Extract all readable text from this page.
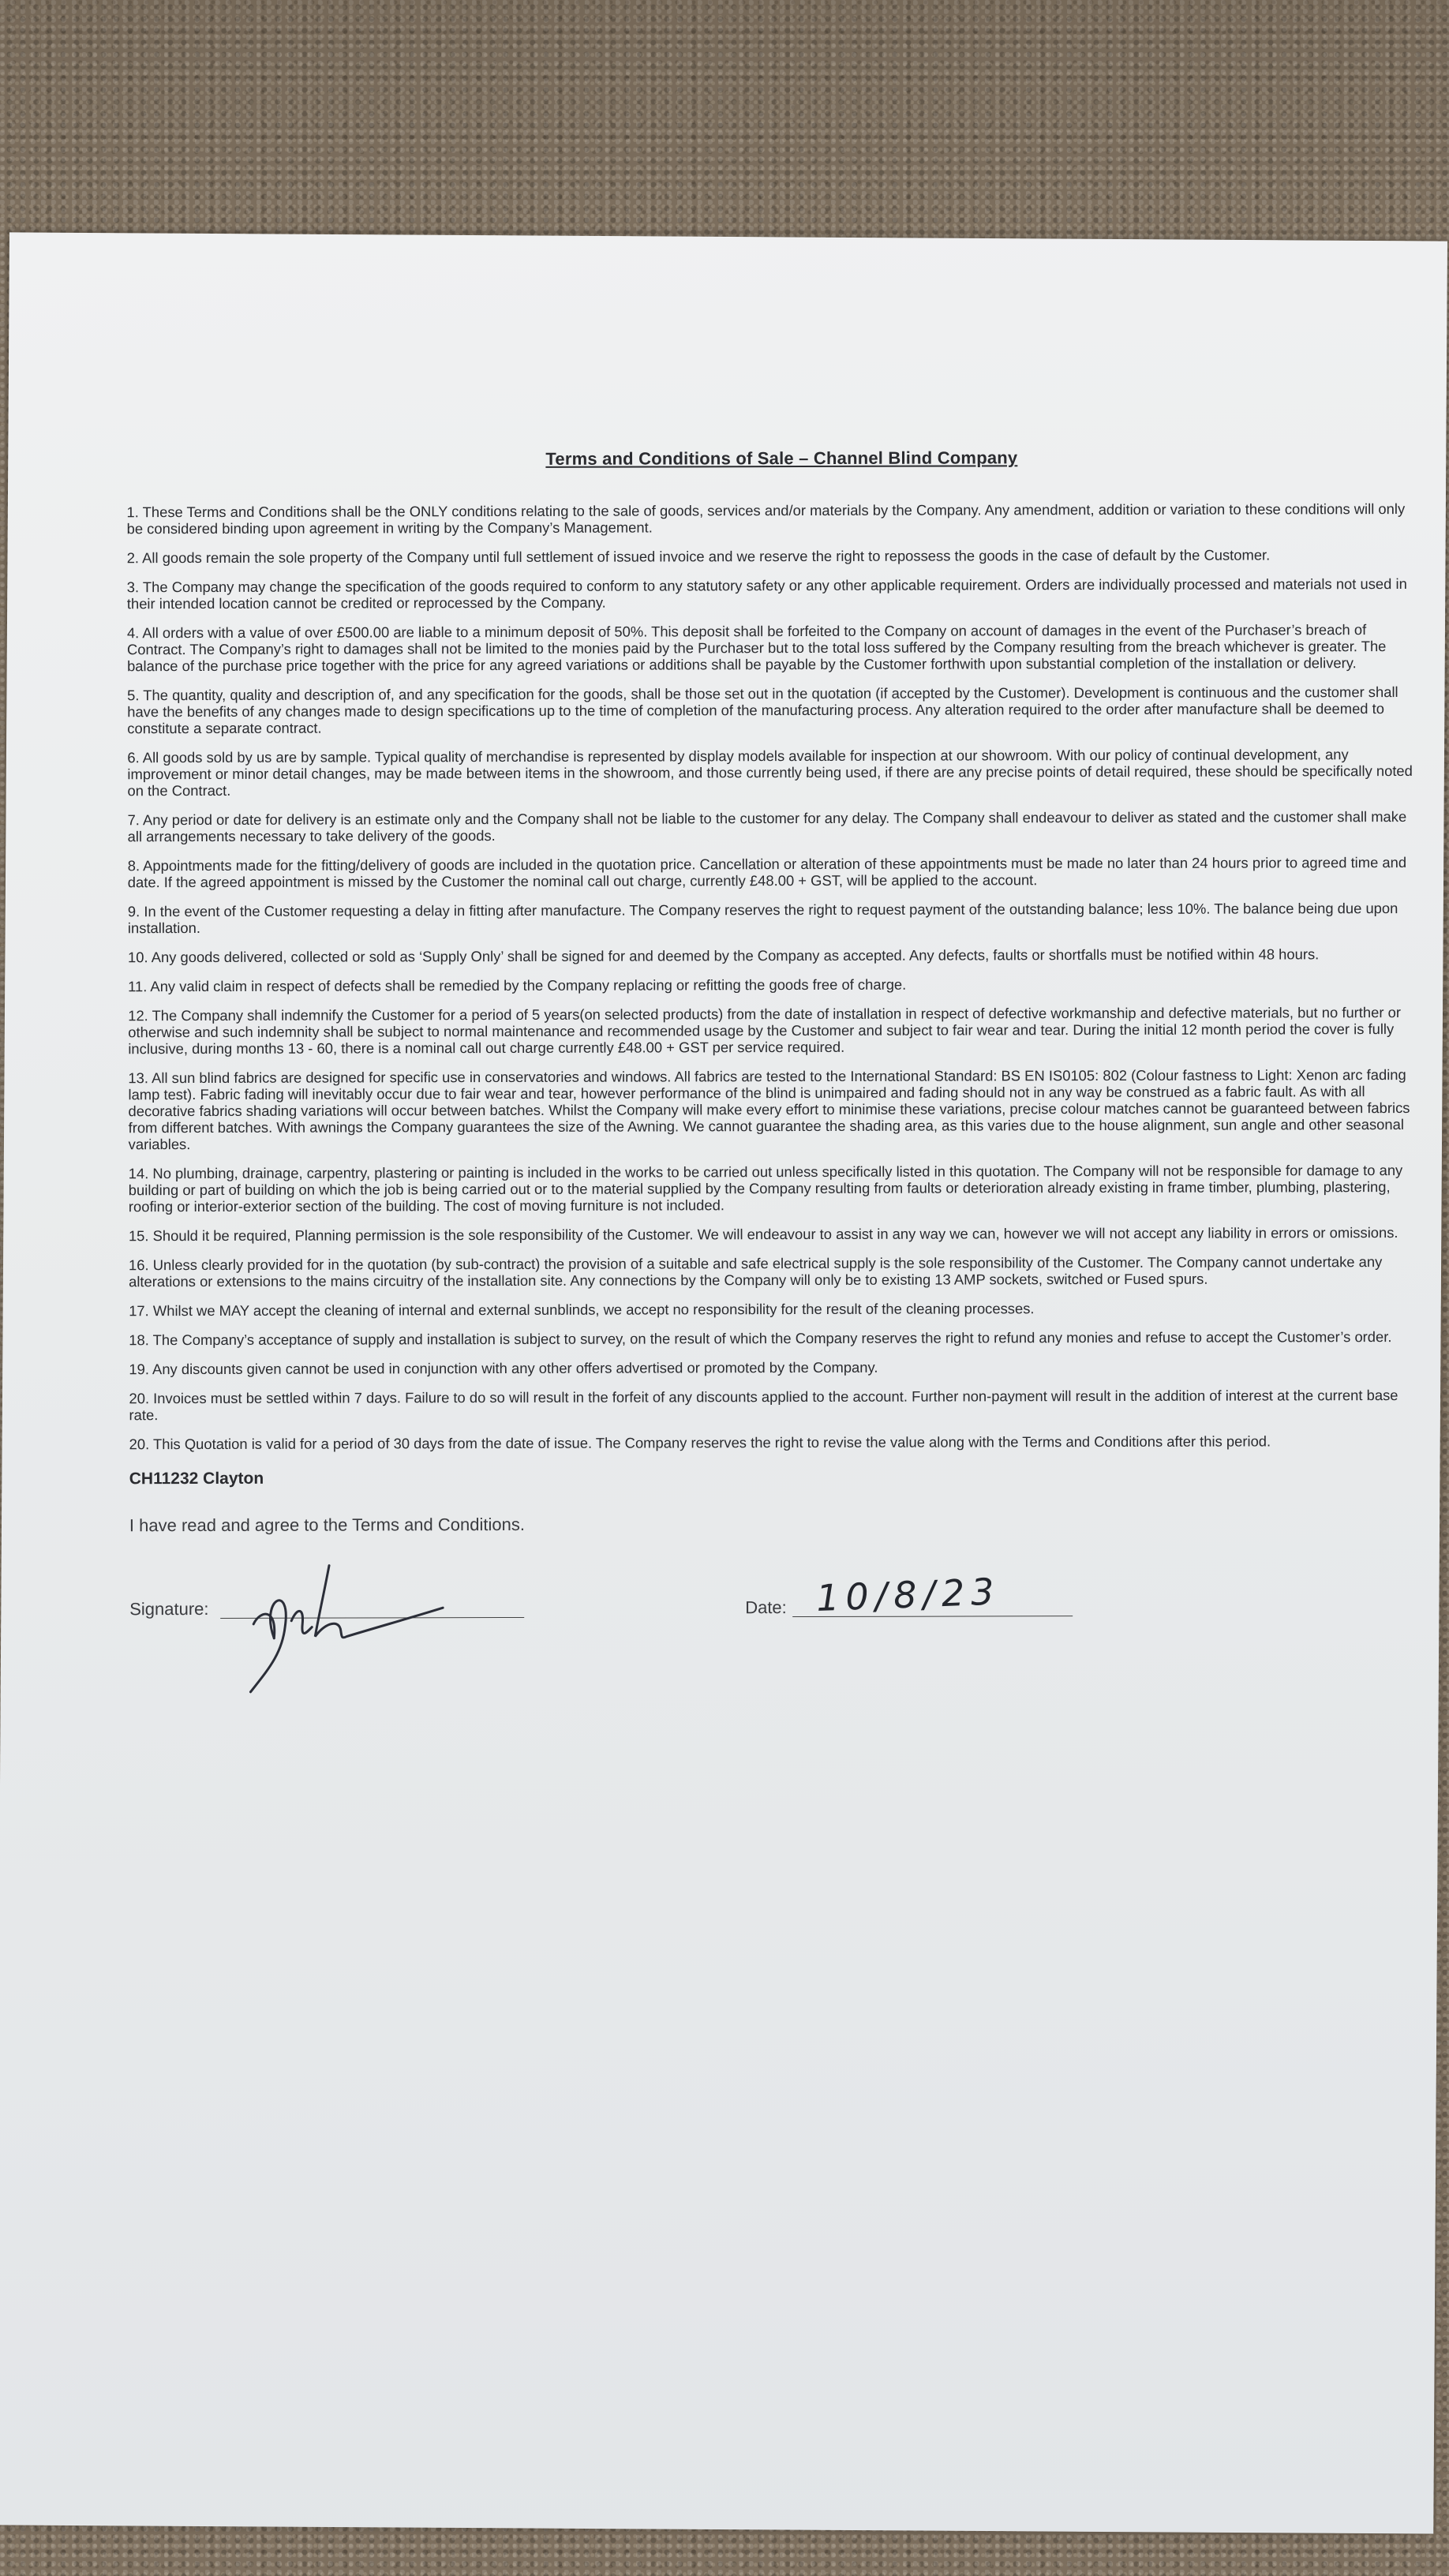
Terms and Conditions of Sale – Channel Blind Company

1. These Terms and Conditions shall be the ONLY conditions relating to the sale of goods, services and/or materials by the Company. Any amendment, addition or variation to these conditions will only be considered binding upon agreement in writing by the Company’s Management.

2. All goods remain the sole property of the Company until full settlement of issued invoice and we reserve the right to repossess the goods in the case of default by the Customer.

3. The Company may change the specification of the goods required to conform to any statutory safety or any other applicable requirement. Orders are individually processed and materials not used in their intended location cannot be credited or reprocessed by the Company.

4. All orders with a value of over £500.00 are liable to a minimum deposit of 50%. This deposit shall be forfeited to the Company on account of damages in the event of the Purchaser’s breach of Contract. The Company’s right to damages shall not be limited to the monies paid by the Purchaser but to the total loss suffered by the Company resulting from the breach whichever is greater. The balance of the purchase price together with the price for any agreed variations or additions shall be payable by the Customer forthwith upon substantial completion of the installation or delivery.

5. The quantity, quality and description of, and any specification for the goods, shall be those set out in the quotation (if accepted by the Customer). Development is continuous and the customer shall have the benefits of any changes made to design specifications up to the time of completion of the manufacturing process. Any alteration required to the order after manufacture shall be deemed to constitute a separate contract.

6. All goods sold by us are by sample. Typical quality of merchandise is represented by display models available for inspection at our showroom. With our policy of continual development, any improvement or minor detail changes, may be made between items in the showroom, and those currently being used, if there are any precise points of detail required, these should be specifically noted on the Contract.

7. Any period or date for delivery is an estimate only and the Company shall not be liable to the customer for any delay. The Company shall endeavour to deliver as stated and the customer shall make all arrangements necessary to take delivery of the goods.

8. Appointments made for the fitting/delivery of goods are included in the quotation price. Cancellation or alteration of these appointments must be made no later than 24 hours prior to agreed time and date. If the agreed appointment is missed by the Customer the nominal call out charge, currently £48.00 + GST, will be applied to the account.

9. In the event of the Customer requesting a delay in fitting after manufacture. The Company reserves the right to request payment of the outstanding balance; less 10%. The balance being due upon installation.

10. Any goods delivered, collected or sold as ‘Supply Only’ shall be signed for and deemed by the Company as accepted. Any defects, faults or shortfalls must be notified within 48 hours.

11. Any valid claim in respect of defects shall be remedied by the Company replacing or refitting the goods free of charge.

12. The Company shall indemnify the Customer for a period of 5 years(on selected products) from the date of installation in respect of defective workmanship and defective materials, but no further or otherwise and such indemnity shall be subject to normal maintenance and recommended usage by the Customer and subject to fair wear and tear. During the initial 12 month period the cover is fully inclusive, during months 13 - 60, there is a nominal call out charge currently £48.00 + GST per service required.

13. All sun blind fabrics are designed for specific use in conservatories and windows. All fabrics are tested to the International Standard: BS EN IS0105: 802 (Colour fastness to Light: Xenon arc fading lamp test). Fabric fading will inevitably occur due to fair wear and tear, however performance of the blind is unimpaired and fading should not in any way be construed as a fabric fault. As with all decorative fabrics shading variations will occur between batches. Whilst the Company will make every effort to minimise these variations, precise colour matches cannot be guaranteed between fabrics from different batches. With awnings the Company guarantees the size of the Awning. We cannot guarantee the shading area, as this varies due to the house alignment, sun angle and other seasonal variables.

14. No plumbing, drainage, carpentry, plastering or painting is included in the works to be carried out unless specifically listed in this quotation. The Company will not be responsible for damage to any building or part of building on which the job is being carried out or to the material supplied by the Company resulting from faults or deterioration already existing in frame timber, plumbing, plastering, roofing or interior-exterior section of the building. The cost of moving furniture is not included.

15. Should it be required, Planning permission is the sole responsibility of the Customer. We will endeavour to assist in any way we can, however we will not accept any liability in errors or omissions.

16. Unless clearly provided for in the quotation (by sub-contract) the provision of a suitable and safe electrical supply is the sole responsibility of the Customer. The Company cannot undertake any alterations or extensions to the mains circuitry of the installation site. Any connections by the Company will only be to existing 13 AMP sockets, switched or Fused spurs.

17. Whilst we MAY accept the cleaning of internal and external sunblinds, we accept no responsibility for the result of the cleaning processes.

18. The Company’s acceptance of supply and installation is subject to survey, on the result of which the Company reserves the right to refund any monies and refuse to accept the Customer’s order.

19. Any discounts given cannot be used in conjunction with any other offers advertised or promoted by the Company.

20. Invoices must be settled within 7 days. Failure to do so will result in the forfeit of any discounts applied to the account. Further non-payment will result in the addition of interest at the current base rate.

20. This Quotation is valid for a period of 30 days from the date of issue. The Company reserves the right to revise the value along with the Terms and Conditions after this period.

CH11232 Clayton
I have read and agree to the Terms and Conditions.
Signature:	Date: 10/8/23
